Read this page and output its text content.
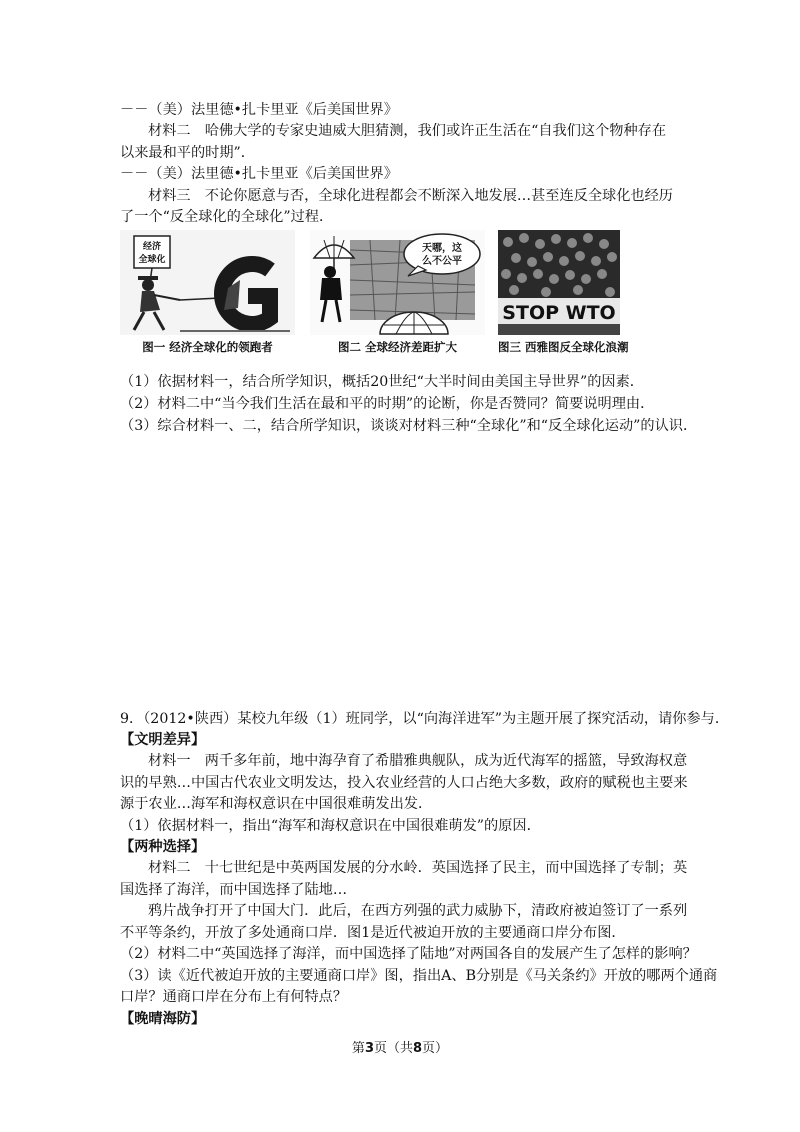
－－（美）法里德•扎卡里亚《后美国世界》
材料二　哈佛大学的专家史迪威大胆猜测，我们或许正生活在“自我们这个物种存在
以来最和平的时期”．
－－（美）法里德•扎卡里亚《后美国世界》
材料三　不论你愿意与否，全球化进程都会不断深入地发展…甚至连反全球化也经历
了一个“反全球化的全球化”过程．
经济
全球化
图一 经济全球化的领跑者
天哪，这
么不公平
图二 全球经济差距扩大
STOP WTO
图三 西雅图反全球化浪潮
（1）依据材料一，结合所学知识，概括20世纪“大半时间由美国主导世界”的因素．
（2）材料二中“当今我们生活在最和平的时期”的论断，你是否赞同？简要说明理由．
（3）综合材料一、二，结合所学知识，谈谈对材料三种“全球化”和“反全球化运动”的认识．
9．（2012•陕西）某校九年级（1）班同学，以“向海洋进军”为主题开展了探究活动，请你参与．
【文明差异】
材料一　两千多年前，地中海孕育了希腊雅典舰队，成为近代海军的摇篮，导致海权意
识的早熟…中国古代农业文明发达，投入农业经营的人口占绝大多数，政府的赋税也主要来
源于农业…海军和海权意识在中国很难萌发出发．
（1）依据材料一，指出“海军和海权意识在中国很难萌发”的原因．
【两种选择】
材料二　十七世纪是中英两国发展的分水岭．英国选择了民主，而中国选择了专制；英
国选择了海洋，而中国选择了陆地…
鸦片战争打开了中国大门．此后，在西方列强的武力威胁下，清政府被迫签订了一系列
不平等条约，开放了多处通商口岸．图1是近代被迫开放的主要通商口岸分布图．
（2）材料二中“英国选择了海洋，而中国选择了陆地”对两国各自的发展产生了怎样的影响？
（3）读《近代被迫开放的主要通商口岸》图，指出A、B分别是《马关条约》开放的哪两个通商
口岸？通商口岸在分布上有何特点？
【晚晴海防】
第3页（共8页）
